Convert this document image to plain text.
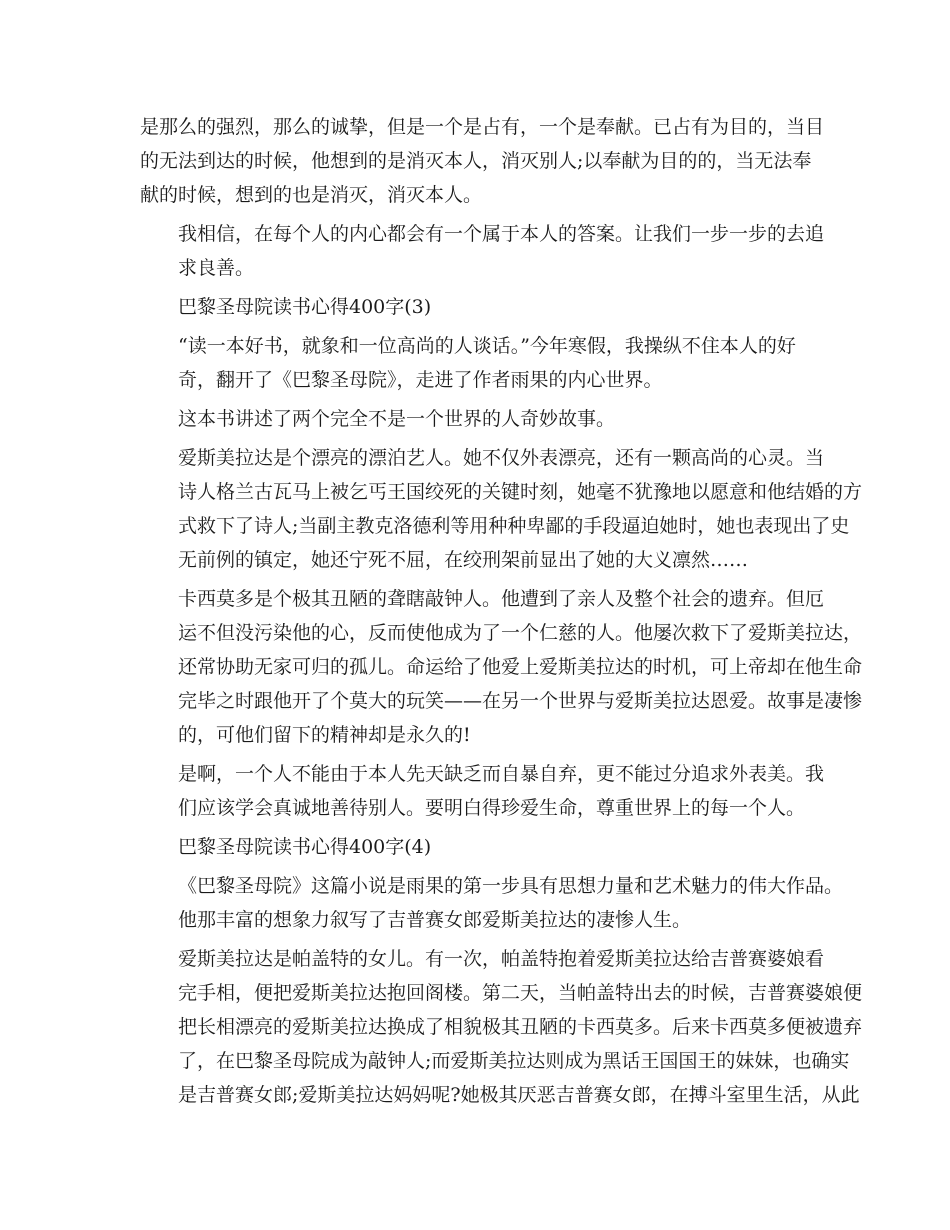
是那么的强烈，那么的诚挚，但是一个是占有，一个是奉献。已占有为目的，当目
的无法到达的时候，他想到的是消灭本人，消灭别人;以奉献为目的的，当无法奉
献的时候，想到的也是消灭，消灭本人。
我相信，在每个人的内心都会有一个属于本人的答案。让我们一步一步的去追
求良善。
巴黎圣母院读书心得400字(3)
“读一本好书，就象和一位高尚的人谈话。”今年寒假，我操纵不住本人的好
奇，翻开了《巴黎圣母院》，走进了作者雨果的内心世界。
这本书讲述了两个完全不是一个世界的人奇妙故事。
爱斯美拉达是个漂亮的漂泊艺人。她不仅外表漂亮，还有一颗高尚的心灵。当
诗人格兰古瓦马上被乞丐王国绞死的关键时刻，她毫不犹豫地以愿意和他结婚的方
式救下了诗人;当副主教克洛德利等用种种卑鄙的手段逼迫她时，她也表现出了史
无前例的镇定，她还宁死不屈，在绞刑架前显出了她的大义凛然……
卡西莫多是个极其丑陋的聋瞎敲钟人。他遭到了亲人及整个社会的遗弃。但厄
运不但没污染他的心，反而使他成为了一个仁慈的人。他屡次救下了爱斯美拉达，
还常协助无家可归的孤儿。命运给了他爱上爱斯美拉达的时机，可上帝却在他生命
完毕之时跟他开了个莫大的玩笑——在另一个世界与爱斯美拉达恩爱。故事是凄惨
的，可他们留下的精神却是永久的!
是啊，一个人不能由于本人先天缺乏而自暴自弃，更不能过分追求外表美。我
们应该学会真诚地善待别人。要明白得珍爱生命，尊重世界上的每一个人。
巴黎圣母院读书心得400字(4)
《巴黎圣母院》这篇小说是雨果的第一步具有思想力量和艺术魅力的伟大作品。
他那丰富的想象力叙写了吉普赛女郎爱斯美拉达的凄惨人生。
爱斯美拉达是帕盖特的女儿。有一次，帕盖特抱着爱斯美拉达给吉普赛婆娘看
完手相，便把爱斯美拉达抱回阁楼。第二天，当帕盖特出去的时候，吉普赛婆娘便
把长相漂亮的爱斯美拉达换成了相貌极其丑陋的卡西莫多。后来卡西莫多便被遗弃
了，在巴黎圣母院成为敲钟人;而爱斯美拉达则成为黑话王国国王的妹妹，也确实
是吉普赛女郎;爱斯美拉达妈妈呢?她极其厌恶吉普赛女郎，在搏斗室里生活，从此
